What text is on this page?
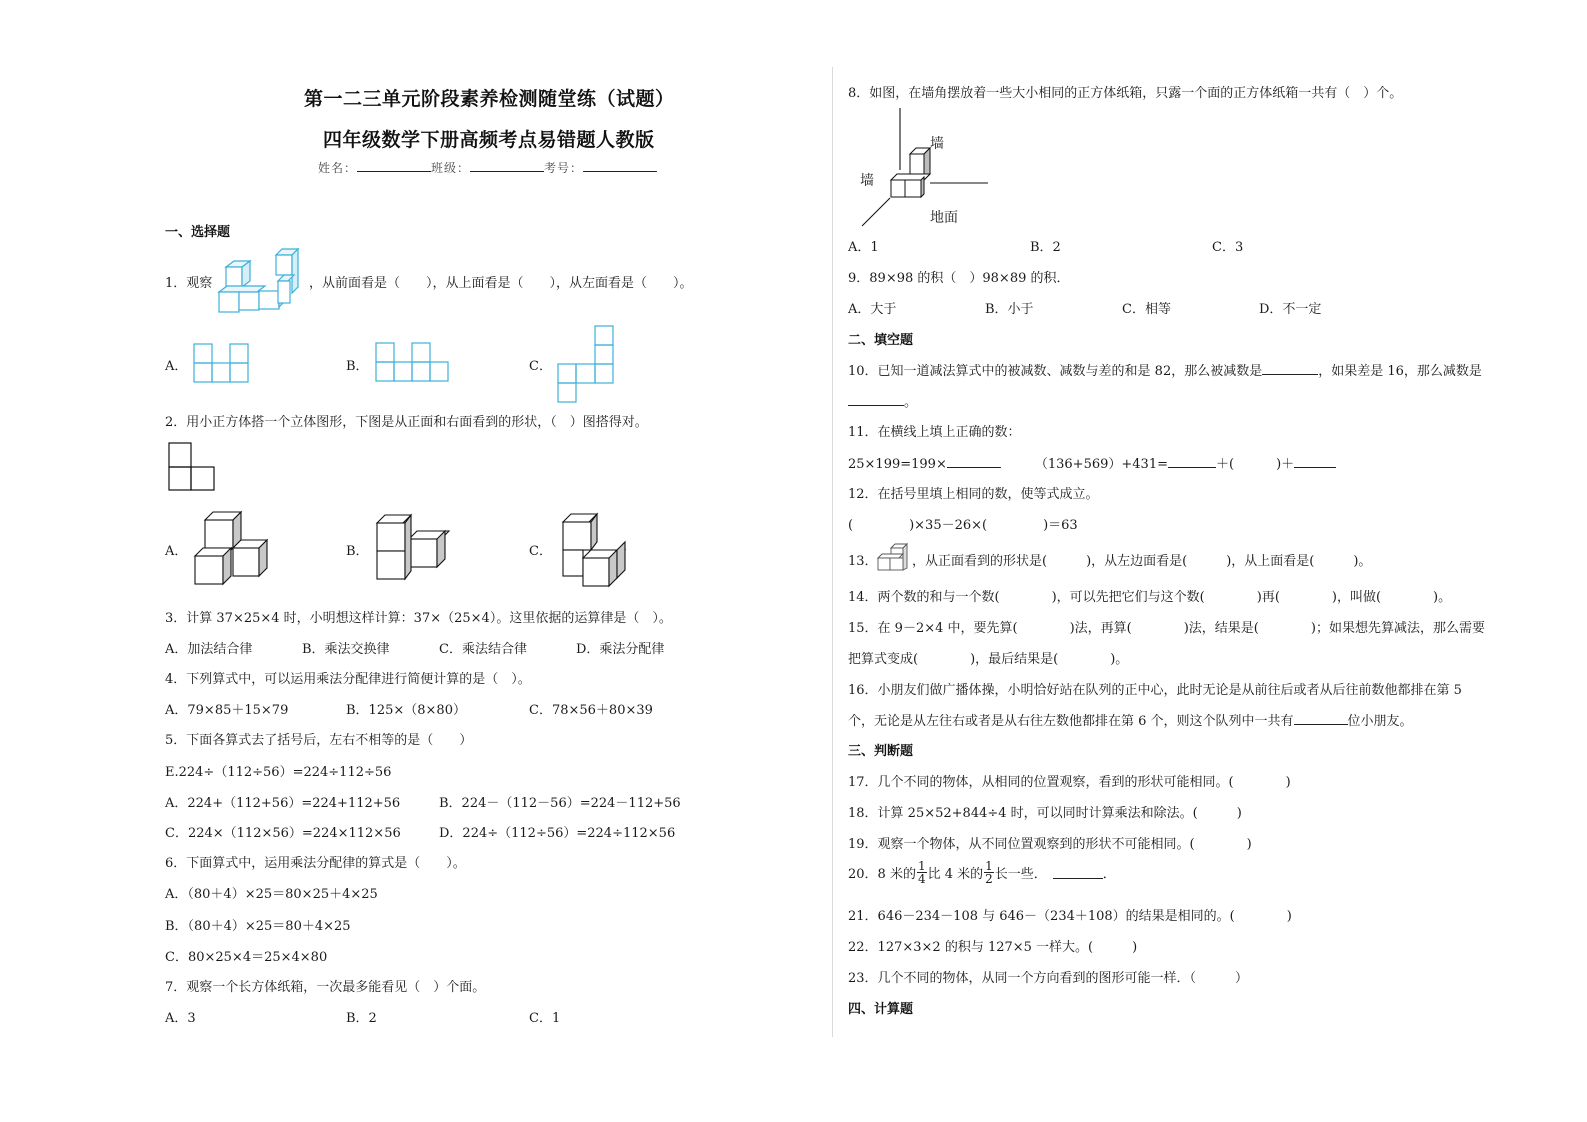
第一二三单元阶段素养检测随堂练（试题）
四年级数学下册高频考点易错题人教版
姓名：	班级：	考号：
一、选择题
1．观察	，从前面看是（　　），从上面看是（　　），从左面看是（　　）。
A．	B．	C．
2．用小正方体搭一个立体图形，下图是从正面和右面看到的形状，（　）图搭得对。
A．	B．	C．
3．计算 37×25×4 时，小明想这样计算：37×（25×4）。这里依据的运算律是（　）。
A．加法结合律	B．乘法交换律	C．乘法结合律	D．乘法分配律
4．下列算式中，可以运用乘法分配律进行简便计算的是（　）。
A．79×85＋15×79	B．125×（8×80）	C．78×56＋80×39
5．下面各算式去了括号后，左右不相等的是（　　）
E.224÷（112÷56）=224÷112÷56
A．224+（112+56）=224+112+56	B．224－（112－56）=224－112+56
C．224×（112×56）=224×112×56	D．224÷（112÷56）=224÷112×56
6．下面算式中，运用乘法分配律的算式是（　　）。
A．（80＋4）×25＝80×25＋4×25
B．（80＋4）×25＝80＋4×25
C．80×25×4＝25×4×80
7．观察一个长方体纸箱，一次最多能看见（　）个面。
A．3	B．2	C．1
8．如图，在墙角摆放着一些大小相同的正方体纸箱，只露一个面的正方体纸箱一共有（　）个。
墙
墙
地面
A．1	B．2	C．3
9．89×98 的积（　）98×89 的积．
A．大于	B．小于	C．相等	D．不一定
二、填空题
10．已知一道减法算式中的被减数、减数与差的和是 82，那么被减数是	，如果差是 16，那么减数是
。
11．在横线上填上正确的数：
25×199=199×	（136+569）+431=	＋(	)＋
12．在括号里填上相同的数，使等式成立。
(	)×35－26×(	)＝63
13．	，从正面看到的形状是(　　　)，从左边面看是(　　　)，从上面看是(　　　)。
14．两个数的和与一个数(　　　　)，可以先把它们与这个数(　　　　)再(　　　　)，叫做(　　　　)。
15．在 9－2×4 中，要先算(　　　　)法，再算(　　　　)法，结果是(　　　　)；如果想先算减法，那么需要
把算式变成(　　　　)，最后结果是(　　　　)。
16．小朋友们做广播体操，小明恰好站在队列的正中心，此时无论是从前往后或者从后往前数他都排在第 5
个，无论是从左往右或者是从右往左数他都排在第 6 个，则这个队列中一共有	位小朋友。
三、判断题
17．几个不同的物体，从相同的位置观察，看到的形状可能相同。(　　　　)
18．计算 25×52+844÷4 时，可以同时计算乘法和除法。(　　　)
19．观察一个物体，从不同位置观察到的形状不可能相同。(　　　　)
20．8 米的 $\frac{1}{4}$ 比 4 米的 $\frac{1}{2}$ 长一些．	．
21．646－234－108 与 646－（234＋108）的结果是相同的。(　　　　)
22．127×3×2 的积与 127×5 一样大。(　　　)
23．几个不同的物体，从同一个方向看到的图形可能一样．（　　　）
四、计算题
